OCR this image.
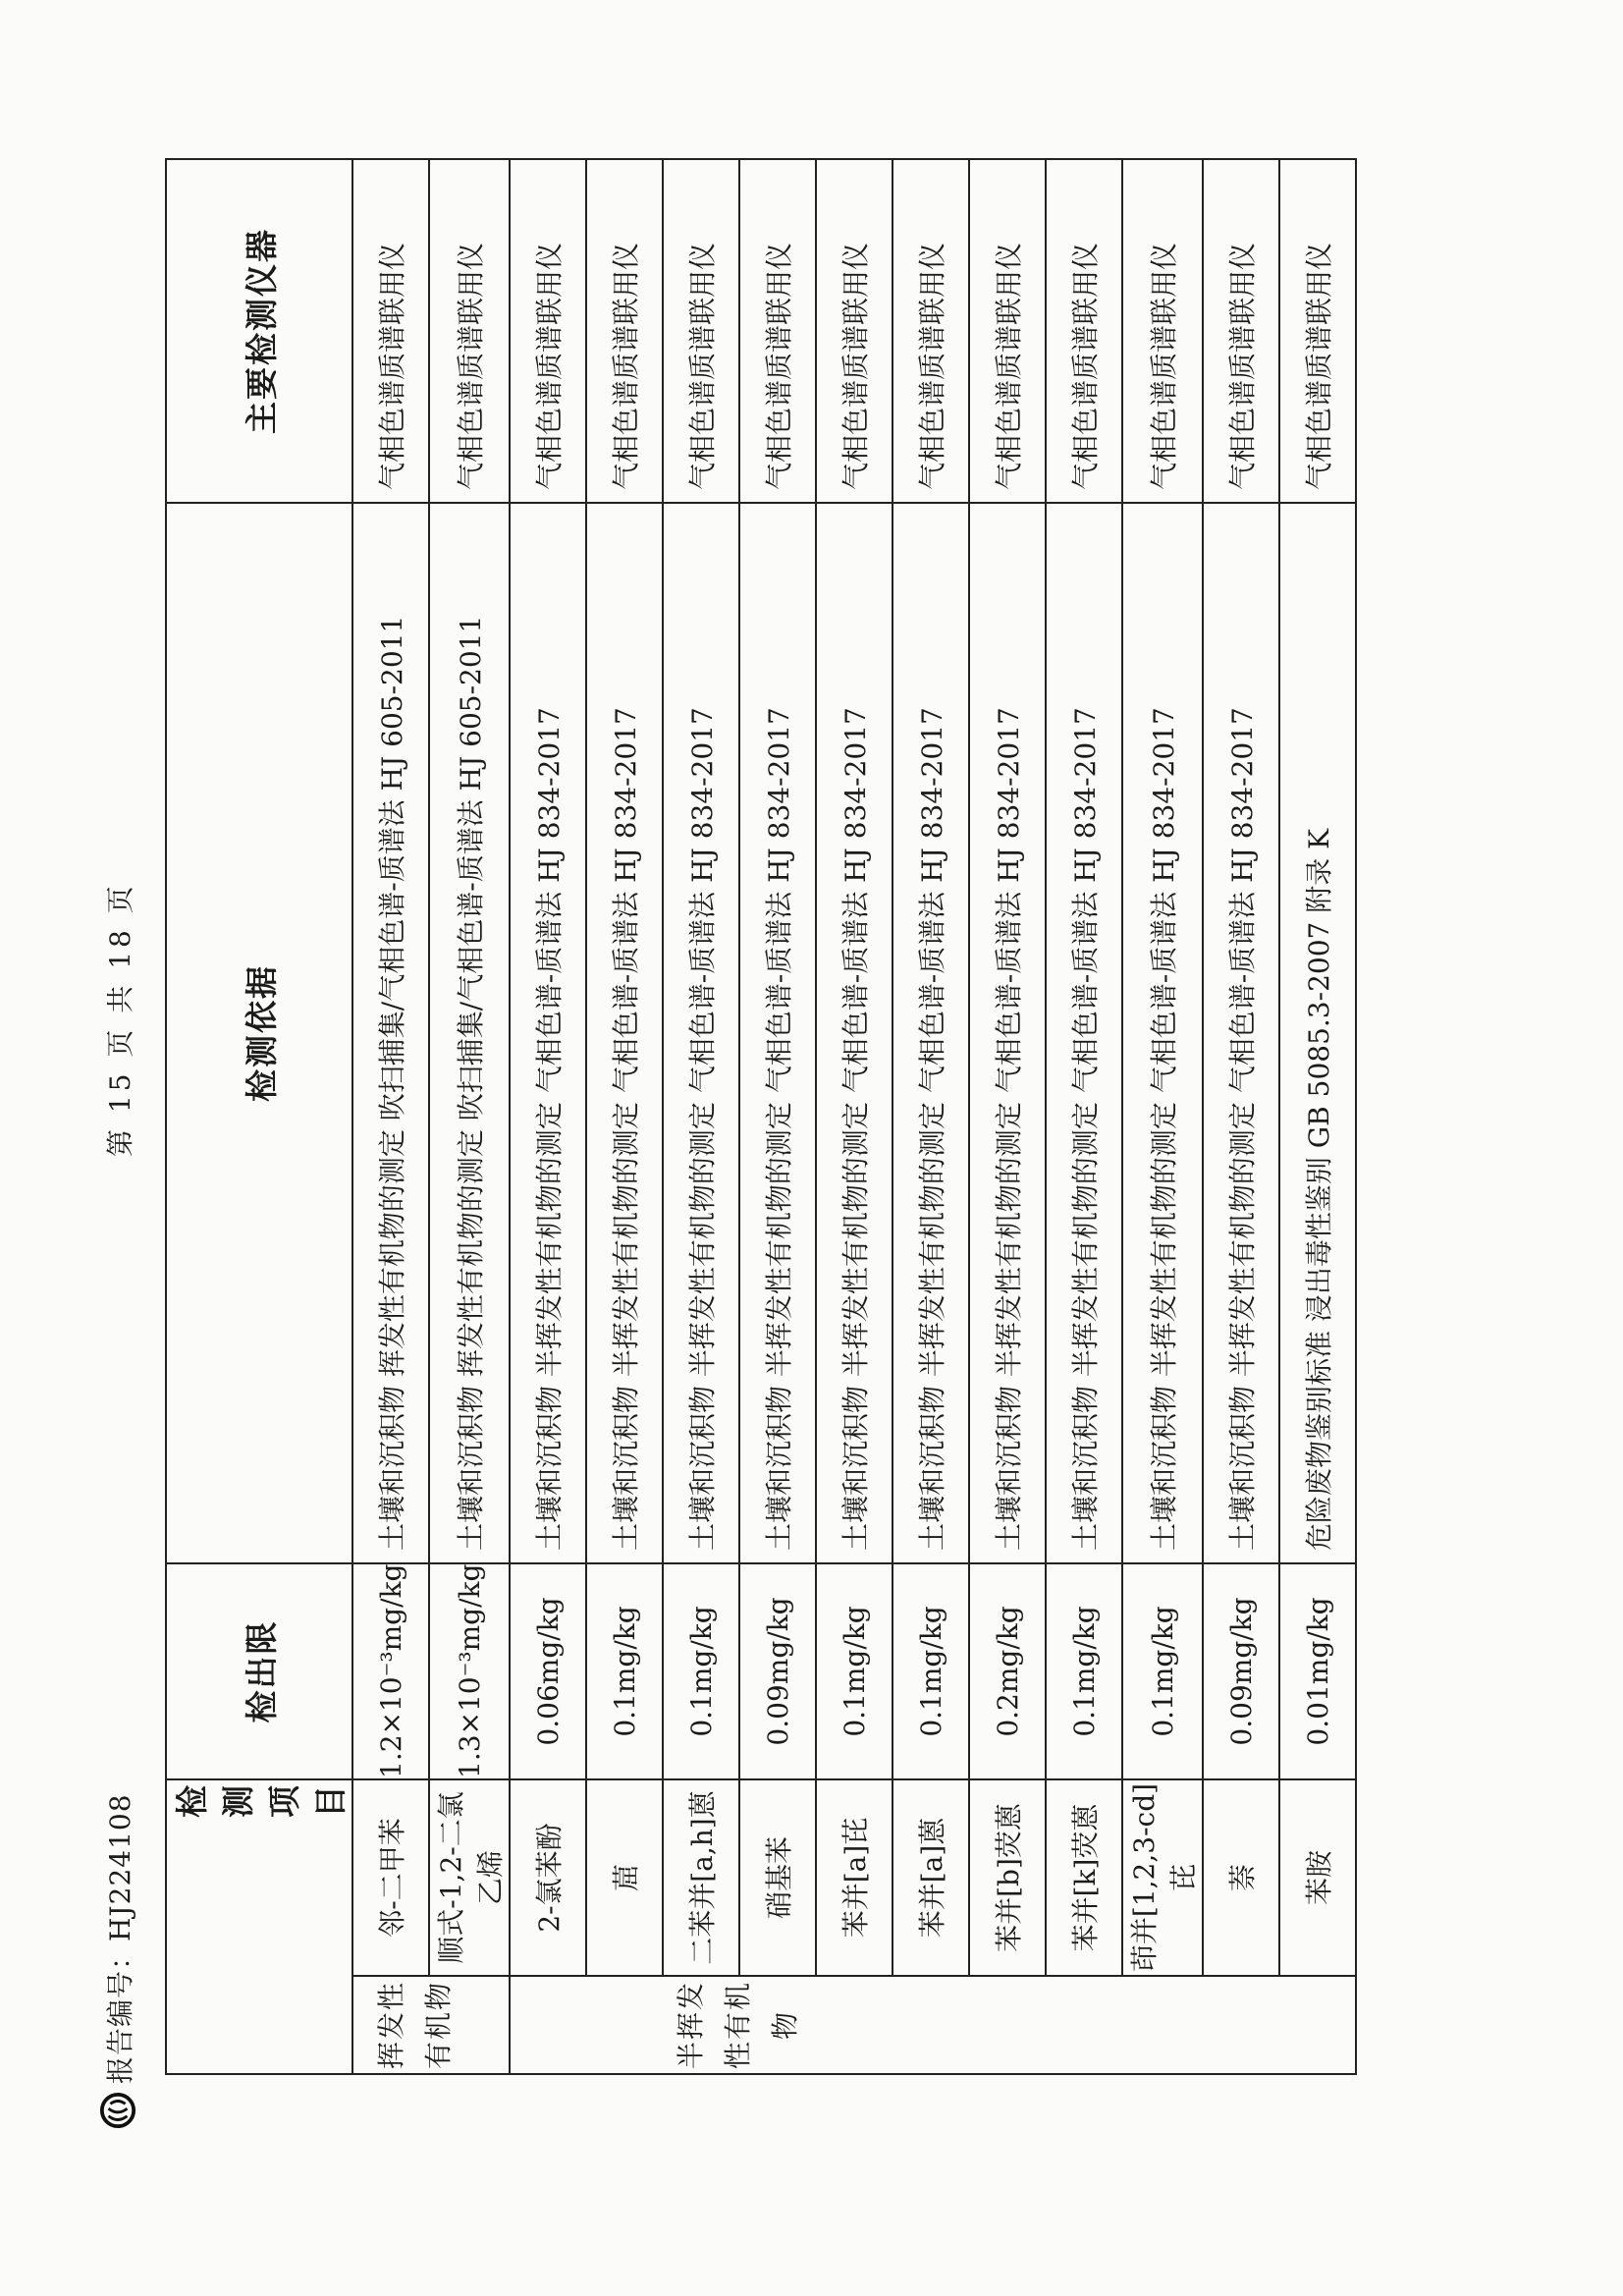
报告编号：HJ224108
第 15 页 共 18 页
检测项目		检出限	检测依据	主要检测仪器
挥发性有机物	邻-二甲苯	1.2×10⁻³mg/kg	土壤和沉积物 挥发性有机物的测定 吹扫捕集/气相色谱-质谱法 HJ 605-2011	气相色谱质谱联用仪
	顺式-1,2-二氯乙烯	1.3×10⁻³mg/kg	土壤和沉积物 挥发性有机物的测定 吹扫捕集/气相色谱-质谱法 HJ 605-2011	气相色谱质谱联用仪
半挥发性有机物	2-氯苯酚	0.06mg/kg	土壤和沉积物 半挥发性有机物的测定 气相色谱-质谱法 HJ 834-2017	气相色谱质谱联用仪
	䓛	0.1mg/kg	土壤和沉积物 半挥发性有机物的测定 气相色谱-质谱法 HJ 834-2017	气相色谱质谱联用仪
	二苯并[a,h]蒽	0.1mg/kg	土壤和沉积物 半挥发性有机物的测定 气相色谱-质谱法 HJ 834-2017	气相色谱质谱联用仪
	硝基苯	0.09mg/kg	土壤和沉积物 半挥发性有机物的测定 气相色谱-质谱法 HJ 834-2017	气相色谱质谱联用仪
	苯并[a]芘	0.1mg/kg	土壤和沉积物 半挥发性有机物的测定 气相色谱-质谱法 HJ 834-2017	气相色谱质谱联用仪
	苯并[a]蒽	0.1mg/kg	土壤和沉积物 半挥发性有机物的测定 气相色谱-质谱法 HJ 834-2017	气相色谱质谱联用仪
	苯并[b]荧蒽	0.2mg/kg	土壤和沉积物 半挥发性有机物的测定 气相色谱-质谱法 HJ 834-2017	气相色谱质谱联用仪
	苯并[k]荧蒽	0.1mg/kg	土壤和沉积物 半挥发性有机物的测定 气相色谱-质谱法 HJ 834-2017	气相色谱质谱联用仪
	茚并[1,2,3-cd]芘	0.1mg/kg	土壤和沉积物 半挥发性有机物的测定 气相色谱-质谱法 HJ 834-2017	气相色谱质谱联用仪
	萘	0.09mg/kg	土壤和沉积物 半挥发性有机物的测定 气相色谱-质谱法 HJ 834-2017	气相色谱质谱联用仪
	苯胺	0.01mg/kg	危险废物鉴别标准 浸出毒性鉴别 GB 5085.3-2007 附录 K	气相色谱质谱联用仪
